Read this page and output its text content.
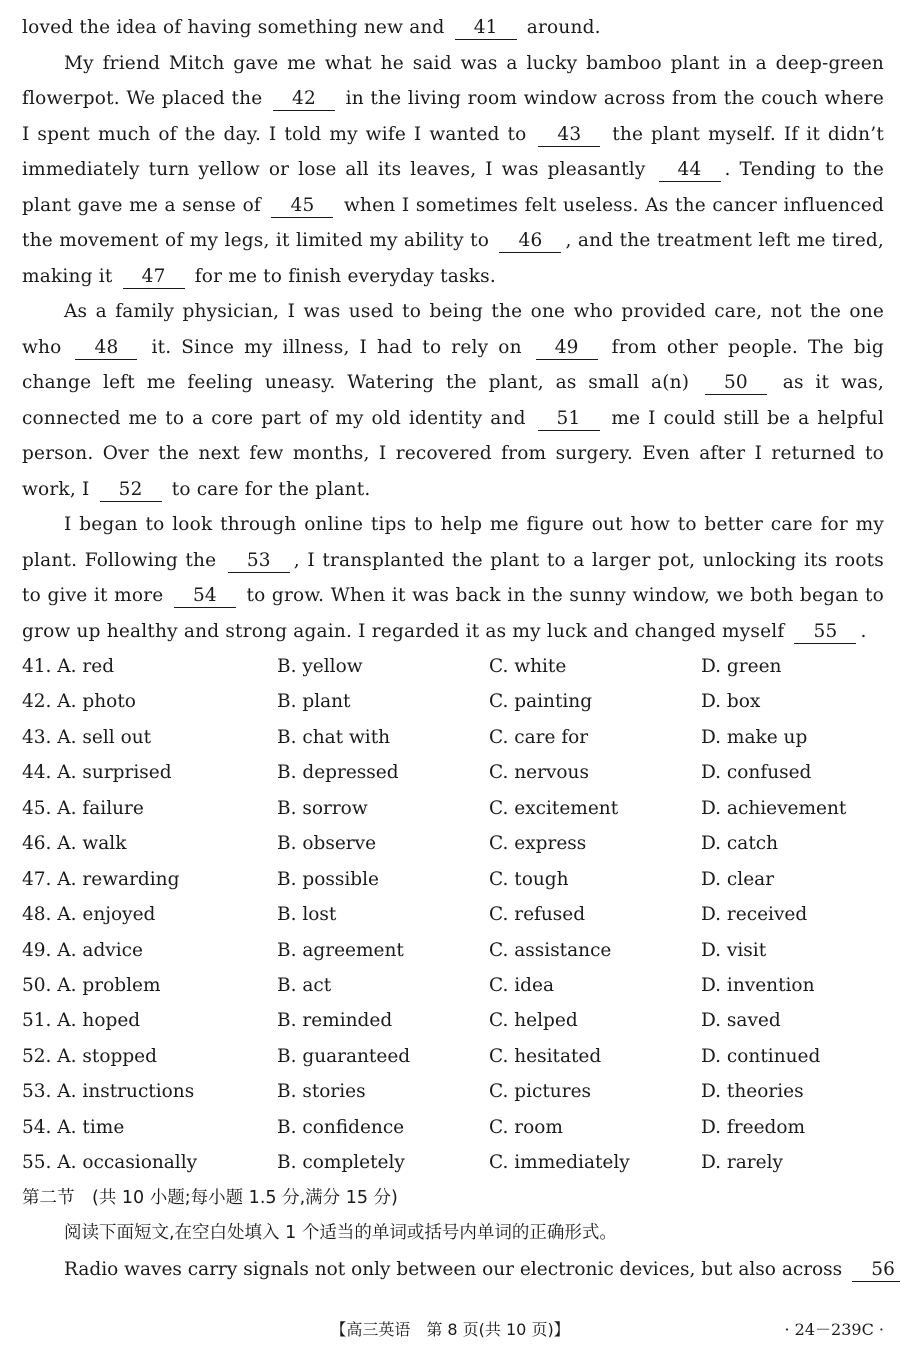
loved the idea of having something new and 41 around.

My friend Mitch gave me what he said was a lucky bamboo plant in a deep-green flowerpot. We placed the 42 in the living room window across from the couch where I spent much of the day. I told my wife I wanted to 43 the plant myself. If it didn’t immediately turn yellow or lose all its leaves, I was pleasantly 44 . Tending to the plant gave me a sense of 45 when I sometimes felt useless. As the cancer influenced the movement of my legs, it limited my ability to 46 , and the treatment left me tired, making it 47 for me to finish everyday tasks.

As a family physician, I was used to being the one who provided care, not the one who 48 it. Since my illness, I had to rely on 49 from other people. The big change left me feeling uneasy. Watering the plant, as small a(n) 50 as it was, connected me to a core part of my old identity and 51 me I could still be a helpful person. Over the next few months, I recovered from surgery. Even after I returned to work, I 52 to care for the plant.

I began to look through online tips to help me figure out how to better care for my plant. Following the 53 , I transplanted the plant to a larger pot, unlocking its roots to give it more 54 to grow. When it was back in the sunny window, we both began to grow up healthy and strong again. I regarded it as my luck and changed myself 55 .

41. A. red	B. yellow	C. white	D. green
42. A. photo	B. plant	C. painting	D. box
43. A. sell out	B. chat with	C. care for	D. make up
44. A. surprised	B. depressed	C. nervous	D. confused
45. A. failure	B. sorrow	C. excitement	D. achievement
46. A. walk	B. observe	C. express	D. catch
47. A. rewarding	B. possible	C. tough	D. clear
48. A. enjoyed	B. lost	C. refused	D. received
49. A. advice	B. agreement	C. assistance	D. visit
50. A. problem	B. act	C. idea	D. invention
51. A. hoped	B. reminded	C. helped	D. saved
52. A. stopped	B. guaranteed	C. hesitated	D. continued
53. A. instructions	B. stories	C. pictures	D. theories
54. A. time	B. confidence	C. room	D. freedom
55. A. occasionally	B. completely	C. immediately	D. rarely

第二节　(共 10 小题;每小题 1.5 分,满分 15 分)

阅读下面短文,在空白处填入 1 个适当的单词或括号内单词的正确形式。

Radio waves carry signals not only between our electronic devices, but also across 56

【高三英语　第 8 页(共 10 页)】	· 24－239C ·
